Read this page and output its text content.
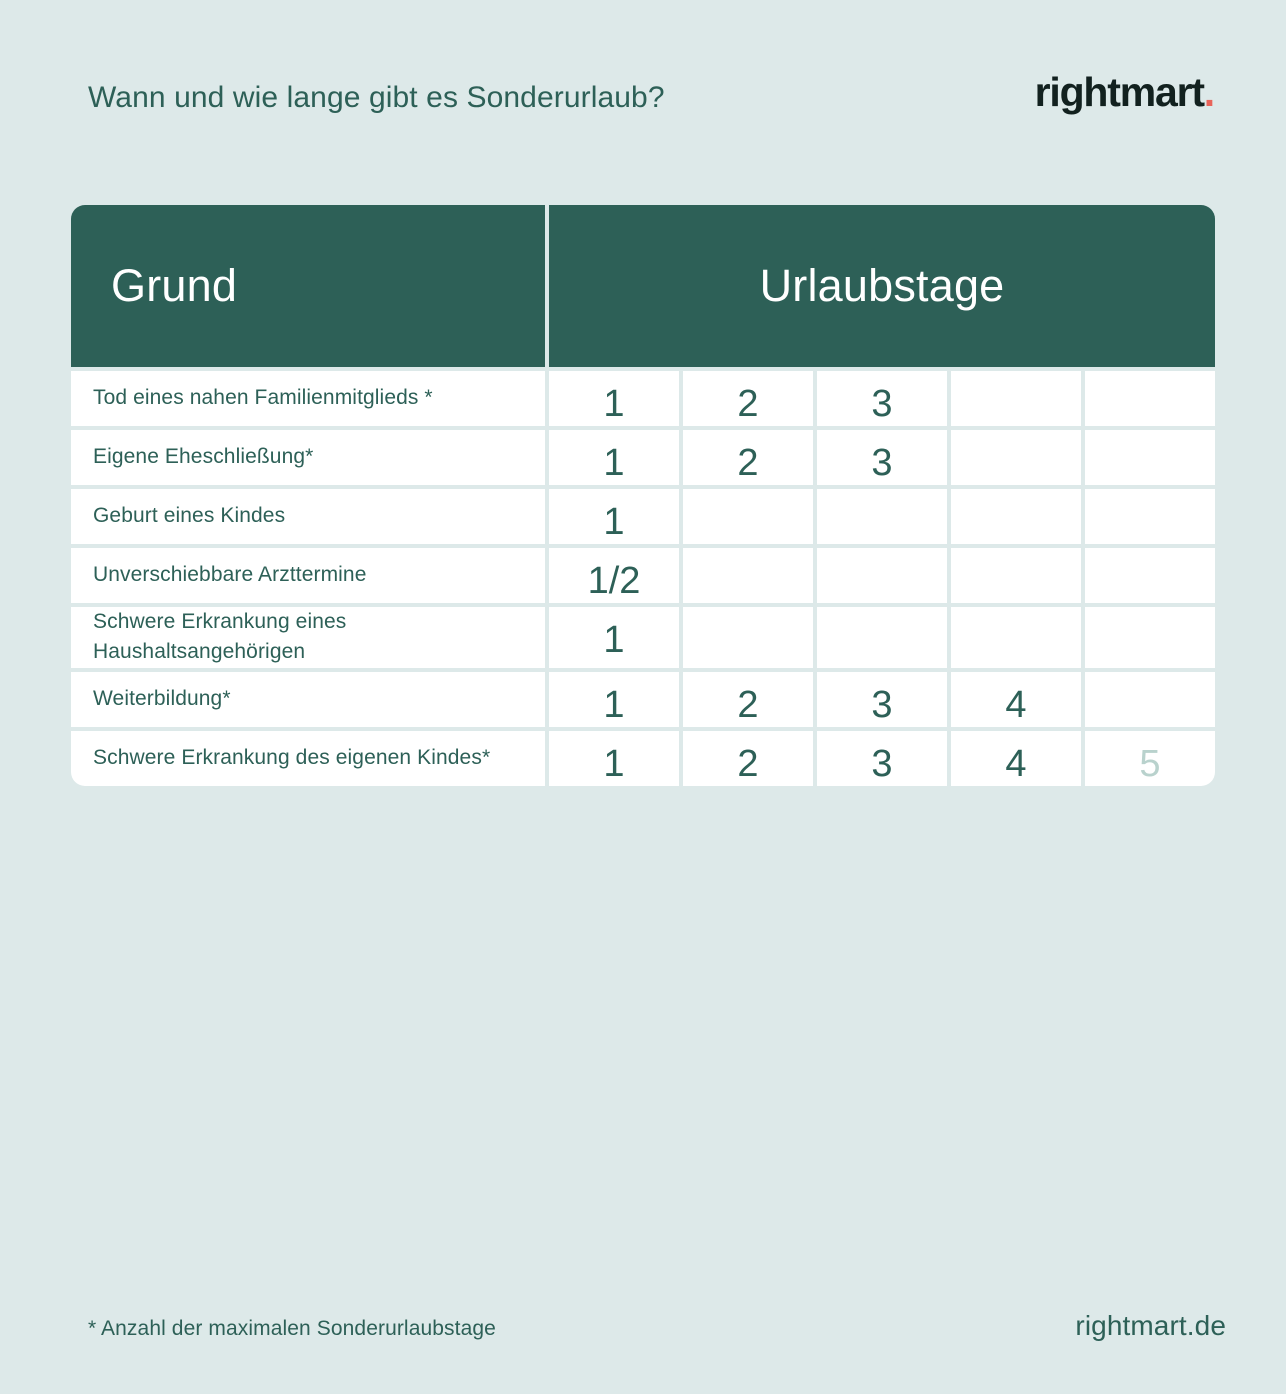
Wann und wie lange gibt es Sonderurlaub?	rightmart.
Grund	Urlaubstage
Tod eines nahen Familienmitglieds *	1	2	3
Eigene Eheschließung*	1	2	3
Geburt eines Kindes	1
Unverschiebbare Arzttermine	1/2
Schwere Erkrankung eines Haushaltsangehörigen	1
Weiterbildung*	1	2	3	4
Schwere Erkrankung des eigenen Kindes*	1	2	3	4	5
* Anzahl der maximalen Sonderurlaubstage	rightmart.de
